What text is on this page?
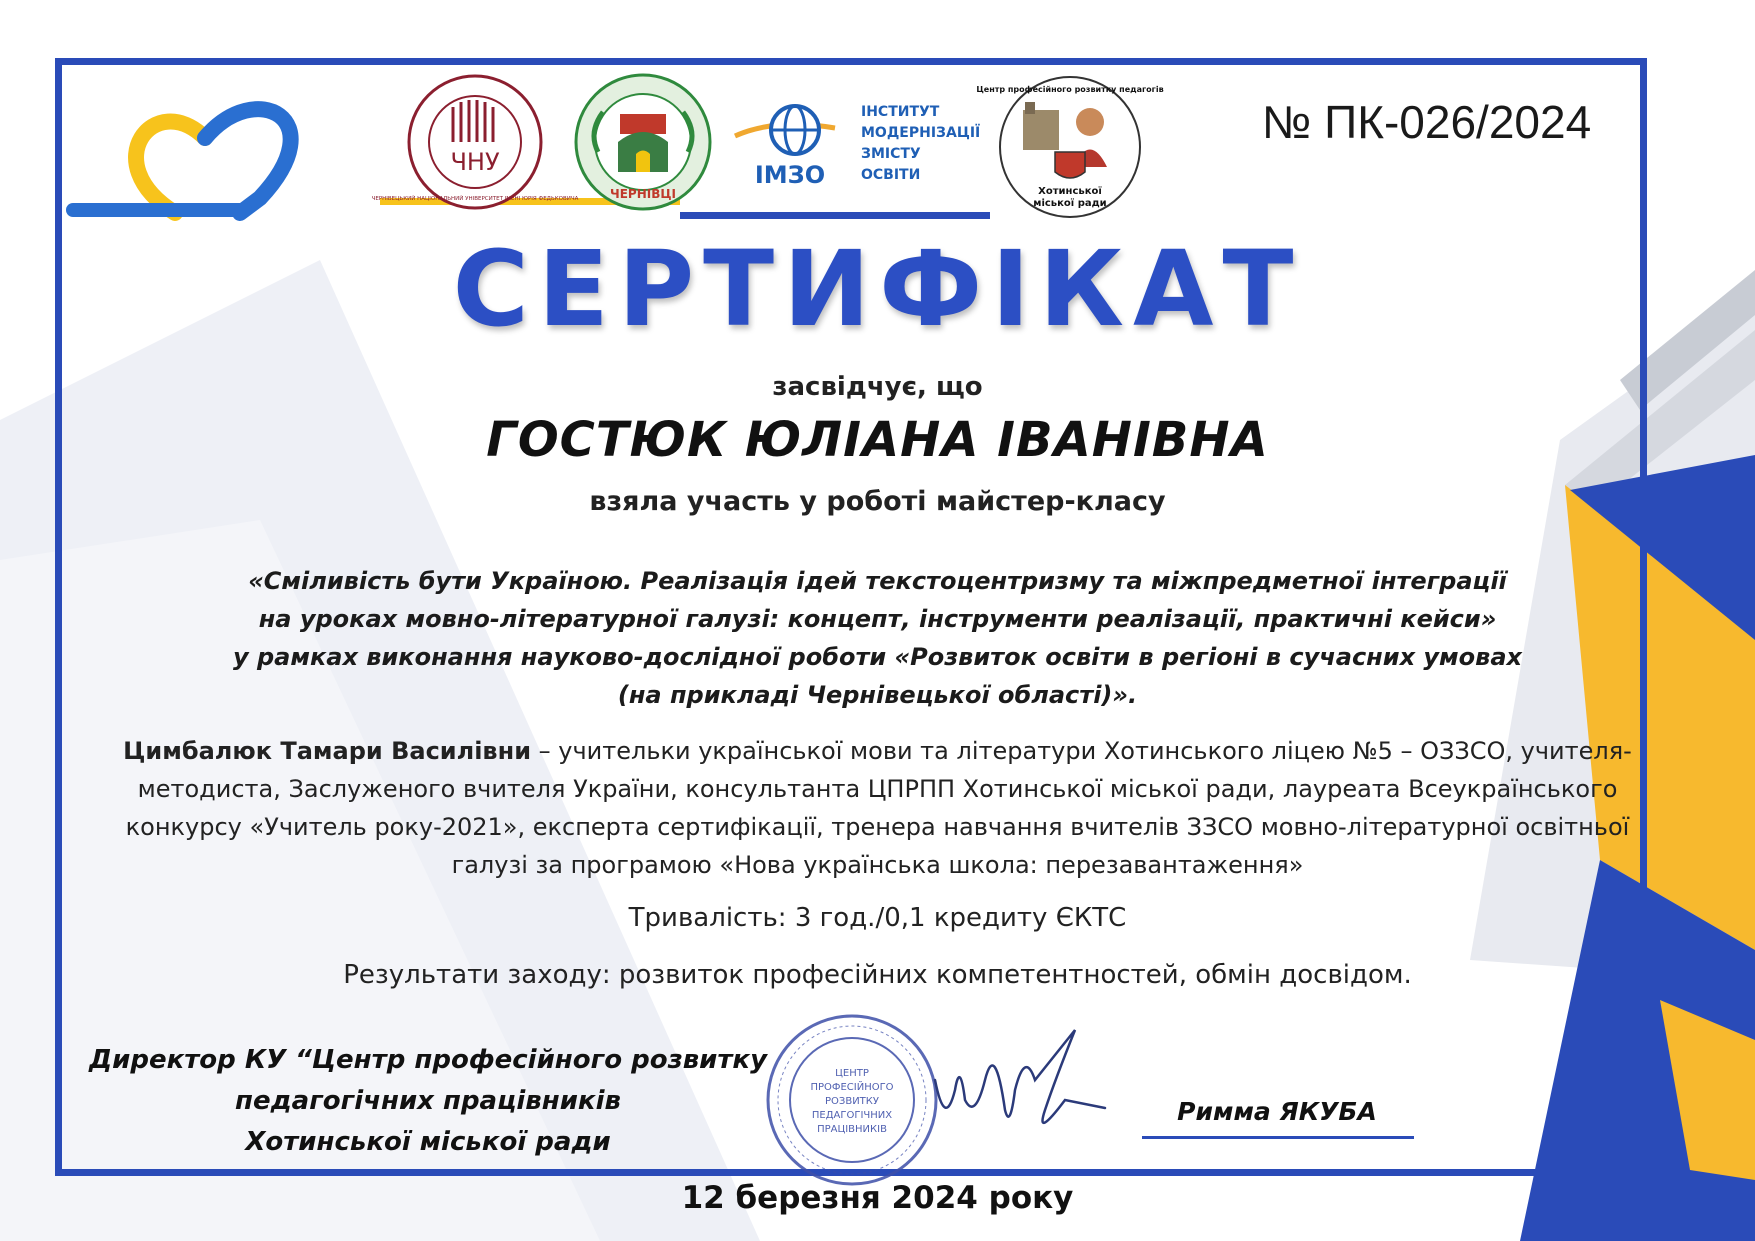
ЧНУ
ЧЕРНІВЕЦЬКИЙ НАЦІОНАЛЬНИЙ УНІВЕРСИТЕТ ІМЕНІ ЮРІЯ ФЕДЬКОВИЧА	ЧЕРНІВЦІ
ІМЗО
ІНСТИТУТ
МОДЕРНІЗАЦІЇ
ЗМІСТУ
ОСВІТИ
Центр професійного розвитку педагогів
Хотинської
міської ради
№ ПК-026/2024
СЕРТИФІКАТ
засвідчує, що
ГОСТЮК ЮЛІАНА ІВАНІВНА
взяла участь у роботі майстер-класу
«Сміливість бути Україною. Реалізація ідей текстоцентризму та міжпредметної інтеграції
на уроках мовно-літературної галузі: концепт, інструменти реалізації, практичні кейси»
у рамках виконання науково-дослідної роботи «Розвиток освіти в регіоні в сучасних умовах
(на прикладі Чернівецької області)».
Цимбалюк Тамари Василівни – учительки української мови та літератури Хотинського ліцею №5 – ОЗЗСО, учителя-методиста, Заслуженого вчителя України, консультанта ЦПРПП Хотинської міської ради, лауреата Всеукраїнського конкурсу «Учитель року-2021», експерта сертифікації, тренера навчання вчителів ЗЗСО мовно-літературної освітньої галузі за програмою «Нова українська школа: перезавантаження»
Тривалість: 3 год./0,1 кредиту ЄКТС
Результати заходу: розвиток професійних компетентностей, обмін досвідом.
Директор КУ “Центр професійного розвитку
педагогічних працівників
Хотинської міської ради
ЦЕНТР
ПРОФЕСІЙНОГО
РОЗВИТКУ
ПЕДАГОГІЧНИХ
ПРАЦІВНИКІВ
Римма ЯКУБА
12 березня 2024 року
